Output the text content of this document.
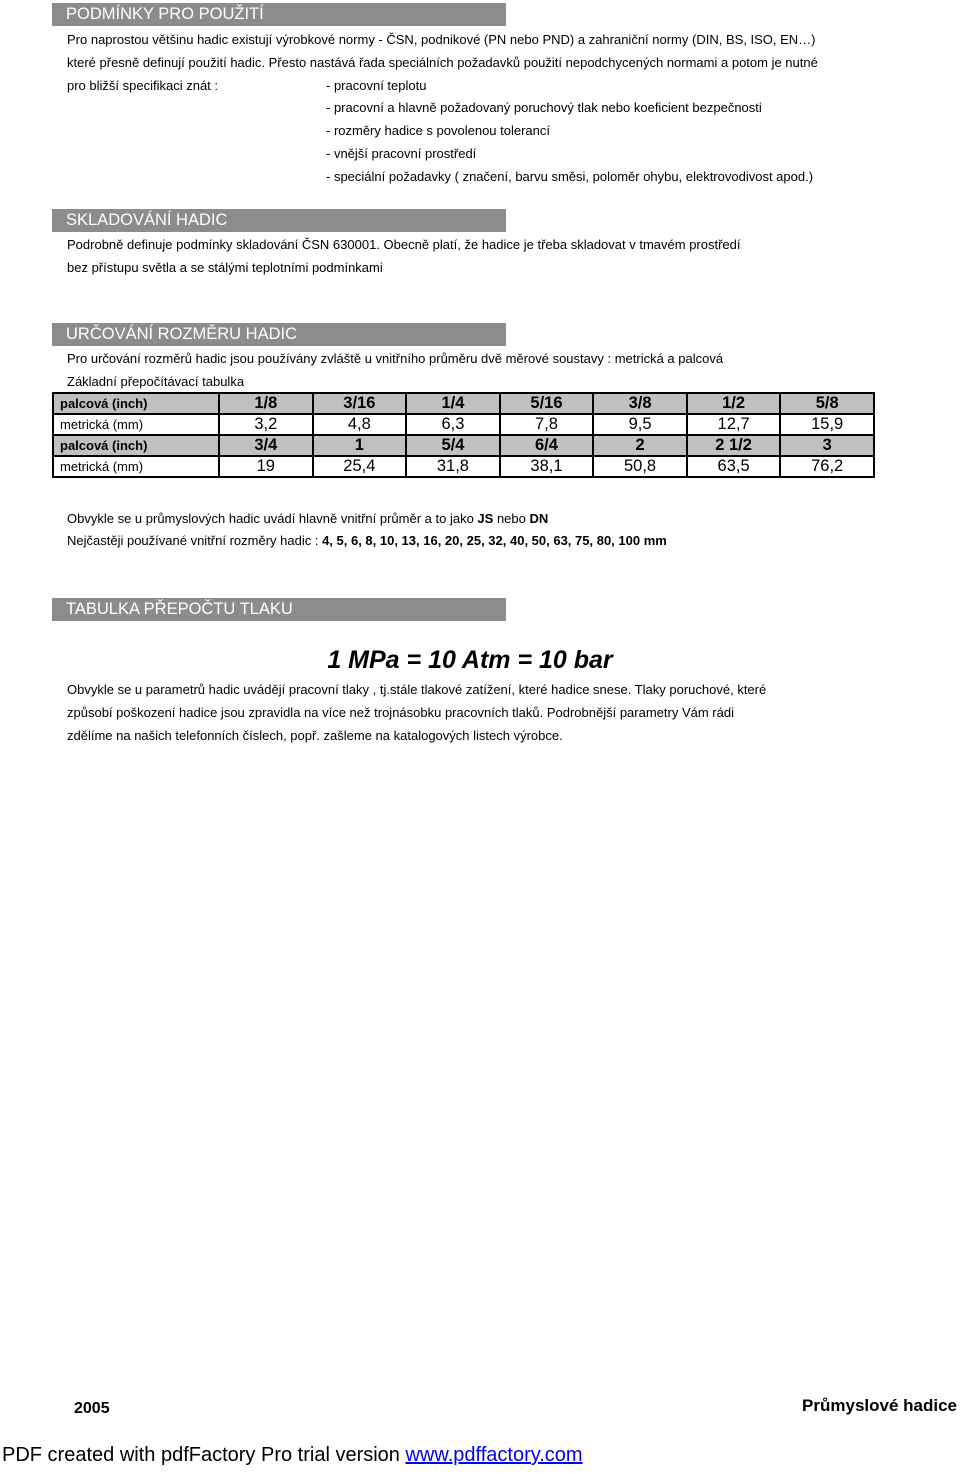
PODMÍNKY PRO POUŽITÍ
Pro naprostou většinu hadic existují výrobkové normy - ČSN, podnikové (PN nebo PND) a zahraniční normy (DIN, BS, ISO, EN…)
které přesně definují použití hadic. Přesto nastává řada speciálních požadavků použití nepodchycených normami a potom je nutné
pro bližší specifikaci znát :	- pracovní teplotu
- pracovní a hlavně požadovaný poruchový tlak nebo koeficient bezpečnosti
- rozměry hadice s povolenou tolerancí
- vnější pracovní prostředí
- speciální požadavky ( značení, barvu směsi, poloměr ohybu, elektrovodivost apod.)
SKLADOVÁNÍ HADIC
Podrobně definuje podmínky skladování ČSN 630001. Obecně platí, že hadice je třeba skladovat v tmavém prostředí
bez přístupu světla a se stálými teplotními podmínkami
URČOVÁNÍ ROZMĚRU HADIC
Pro určování rozměrů hadic jsou používány zvláště u vnitřního průměru dvě měrové soustavy : metrická a palcová
Základní přepočítávací tabulka
palcová (inch)	1/8	3/16	1/4	5/16	3/8	1/2	5/8
metrická (mm)	3,2	4,8	6,3	7,8	9,5	12,7	15,9
palcová (inch)	3/4	1	5/4	6/4	2	2 1/2	3
metrická (mm)	19	25,4	31,8	38,1	50,8	63,5	76,2
Obvykle se u průmyslových hadic uvádí hlavně vnitřní průměr a to jako JS nebo DN
Nejčastěji používané vnitřní rozměry hadic : 4, 5, 6, 8, 10, 13, 16, 20, 25, 32, 40, 50, 63, 75, 80, 100 mm
TABULKA PŘEPOČTU TLAKU
1 MPa = 10 Atm = 10 bar
Obvykle se u parametrů hadic uvádějí pracovní tlaky , tj.stále tlakové zatížení, které hadice snese. Tlaky poruchové, které
způsobí poškození hadice jsou zpravidla na více než trojnásobku pracovních tlaků. Podrobnější parametry Vám rádi
zdělíme na našich telefonních číslech, popř. zašleme na katalogových listech výrobce.
2005	Průmyslové hadice
PDF created with pdfFactory Pro trial version www.pdffactory.com
